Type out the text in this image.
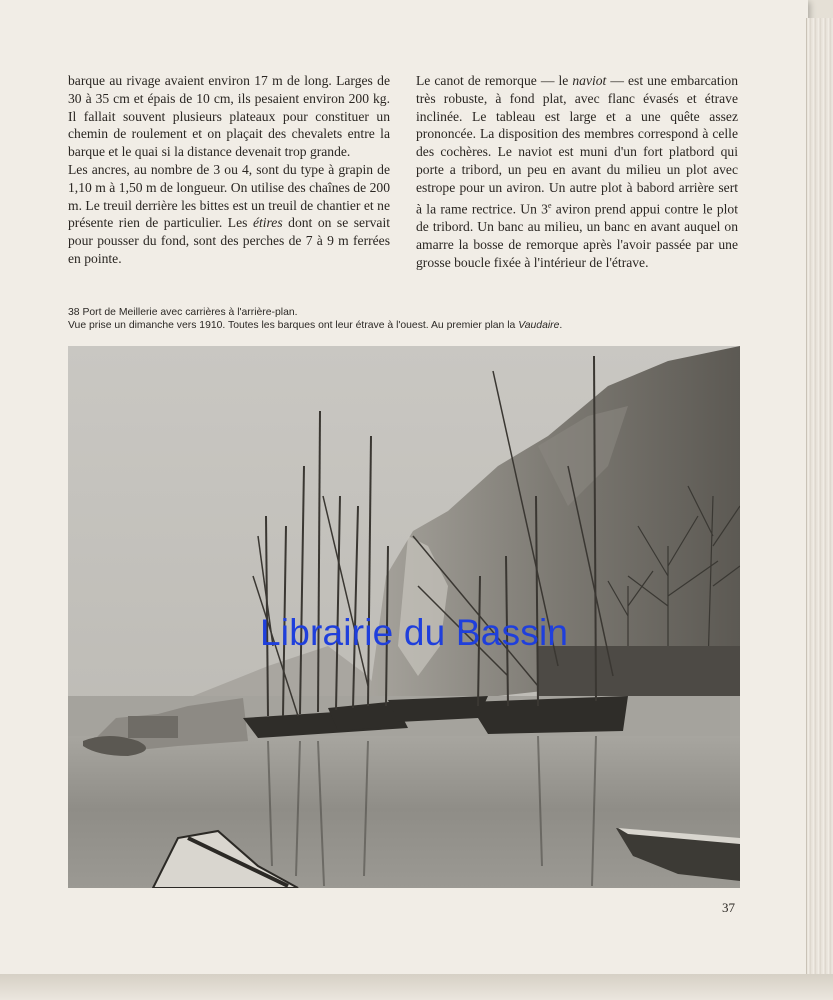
barque au rivage avaient environ 17 m de long. Larges de 30 à 35 cm et épais de 10 cm, ils pesaient environ 200 kg. Il fallait souvent plusieurs plateaux pour constituer un chemin de roulement et on plaçait des chevalets entre la barque et le quai si la distance devenait trop grande.

Les ancres, au nombre de 3 ou 4, sont du type à grapin de 1,10 m à 1,50 m de longueur. On utilise des chaînes de 200 m. Le treuil derrière les bittes est un treuil de chantier et ne présente rien de particulier. Les étires dont on se servait pour pousser du fond, sont des perches de 7 à 9 m ferrées en pointe.

Le canot de remorque — le naviot — est une embarcation très robuste, à fond plat, avec flanc évasés et étrave inclinée. Le tableau est large et a une quête assez prononcée. La disposition des membres correspond à celle des cochères. Le naviot est muni d'un fort platbord qui porte a tribord, un peu en avant du milieu un plot avec estrope pour un aviron. Un autre plot à babord arrière sert à la rame rectrice. Un 3e aviron prend appui contre le plot de tribord. Un banc au milieu, un banc en avant auquel on amarre la bosse de remorque après l'avoir passée par une grosse boucle fixée à l'intérieur de l'étrave.

38 Port de Meillerie avec carrières à l'arrière-plan.
Vue prise un dimanche vers 1910. Toutes les barques ont leur étrave à l'ouest. Au premier plan la Vaudaire.
Librairie du Bassin
37
